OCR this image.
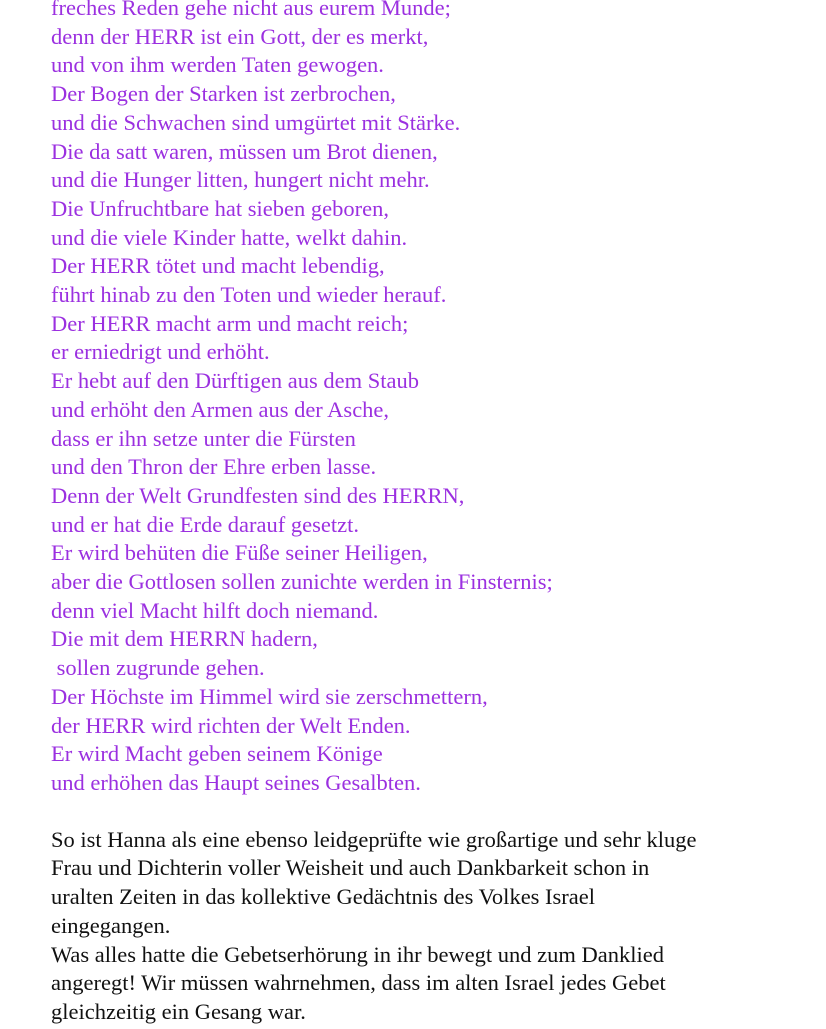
freches Reden gehe nicht aus eurem Munde;
denn der HERR ist ein Gott, der es merkt,
und von ihm werden Taten gewogen.
Der Bogen der Starken ist zerbrochen,
und die Schwachen sind umgürtet mit Stärke.
Die da satt waren, müssen um Brot dienen,
und die Hunger litten, hungert nicht mehr.
Die Unfruchtbare hat sieben geboren,
und die viele Kinder hatte, welkt dahin.
Der HERR tötet und macht lebendig,
führt hinab zu den Toten und wieder herauf.
Der HERR macht arm und macht reich;
er erniedrigt und erhöht.
Er hebt auf den Dürftigen aus dem Staub
und erhöht den Armen aus der Asche,
dass er ihn setze unter die Fürsten
und den Thron der Ehre erben lasse.
Denn der Welt Grundfesten sind des HERRN,
und er hat die Erde darauf gesetzt.
Er wird behüten die Füße seiner Heiligen,
aber die Gottlosen sollen zunichte werden in Finsternis;
denn viel Macht hilft doch niemand.
Die mit dem HERRN hadern,
sollen zugrunde gehen.
Der Höchste im Himmel wird sie zerschmettern,
der HERR wird richten der Welt Enden.
Er wird Macht geben seinem Könige
und erhöhen das Haupt seines Gesalbten.
So ist Hanna als eine ebenso leidgeprüfte wie großartige und sehr kluge
Frau und Dichterin voller Weisheit und auch Dankbarkeit schon in
uralten Zeiten in das kollektive Gedächtnis des Volkes Israel
eingegangen.
Was alles hatte die Gebetserhörung in ihr bewegt und zum Danklied
angeregt! Wir müssen wahrnehmen, dass im alten Israel jedes Gebet
gleichzeitig ein Gesang war.
